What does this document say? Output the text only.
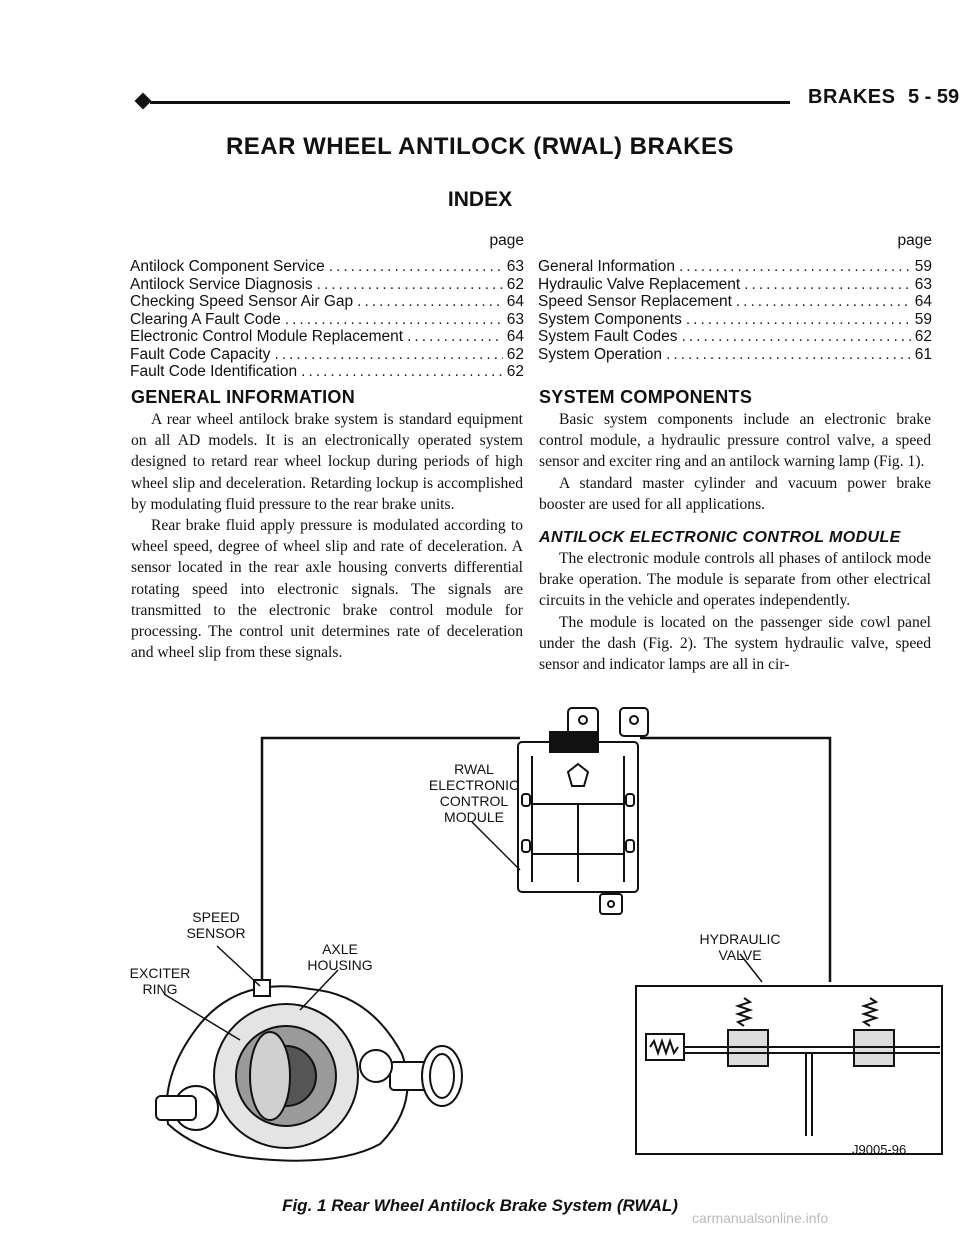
BRAKES 5 - 59
REAR WHEEL ANTILOCK (RWAL) BRAKES
INDEX
page
Antilock Component Service .....	63
Antilock Service Diagnosis .....	62
Checking Speed Sensor Air Gap .....	64
Clearing A Fault Code .....	63
Electronic Control Module Replacement .....	64
Fault Code Capacity .....	62
Fault Code Identification .....	62
page
General Information .....	59
Hydraulic Valve Replacement .....	63
Speed Sensor Replacement .....	64
System Components .....	59
System Fault Codes .....	62
System Operation .....	61
GENERAL INFORMATION

A rear wheel antilock brake system is standard equipment on all AD models. It is an electronically operated system designed to retard rear wheel lockup during periods of high wheel slip and deceleration. Retarding lockup is accomplished by modulating fluid pressure to the rear brake units.

Rear brake fluid apply pressure is modulated according to wheel speed, degree of wheel slip and rate of deceleration. A sensor located in the rear axle housing converts differential rotating speed into electronic signals. The signals are transmitted to the electronic brake control module for processing. The control unit determines rate of deceleration and wheel slip from these signals.

SYSTEM COMPONENTS

Basic system components include an electronic brake control module, a hydraulic pressure control valve, a speed sensor and exciter ring and an antilock warning lamp (Fig. 1).

A standard master cylinder and vacuum power brake booster are used for all applications.

ANTILOCK ELECTRONIC CONTROL MODULE

The electronic module controls all phases of antilock mode brake operation. The module is separate from other electrical circuits in the vehicle and operates independently.

The module is located on the passenger side cowl panel under the dash (Fig. 2). The system hydraulic valve, speed sensor and indicator lamps are all in cir-

RWAL
ELECTRONIC
CONTROL
MODULE
SPEED
SENSOR
AXLE
HOUSING
EXCITER
RING
HYDRAULIC
VALVE
J9005-96
Fig. 1 Rear Wheel Antilock Brake System (RWAL)
carmanualsonline.info
